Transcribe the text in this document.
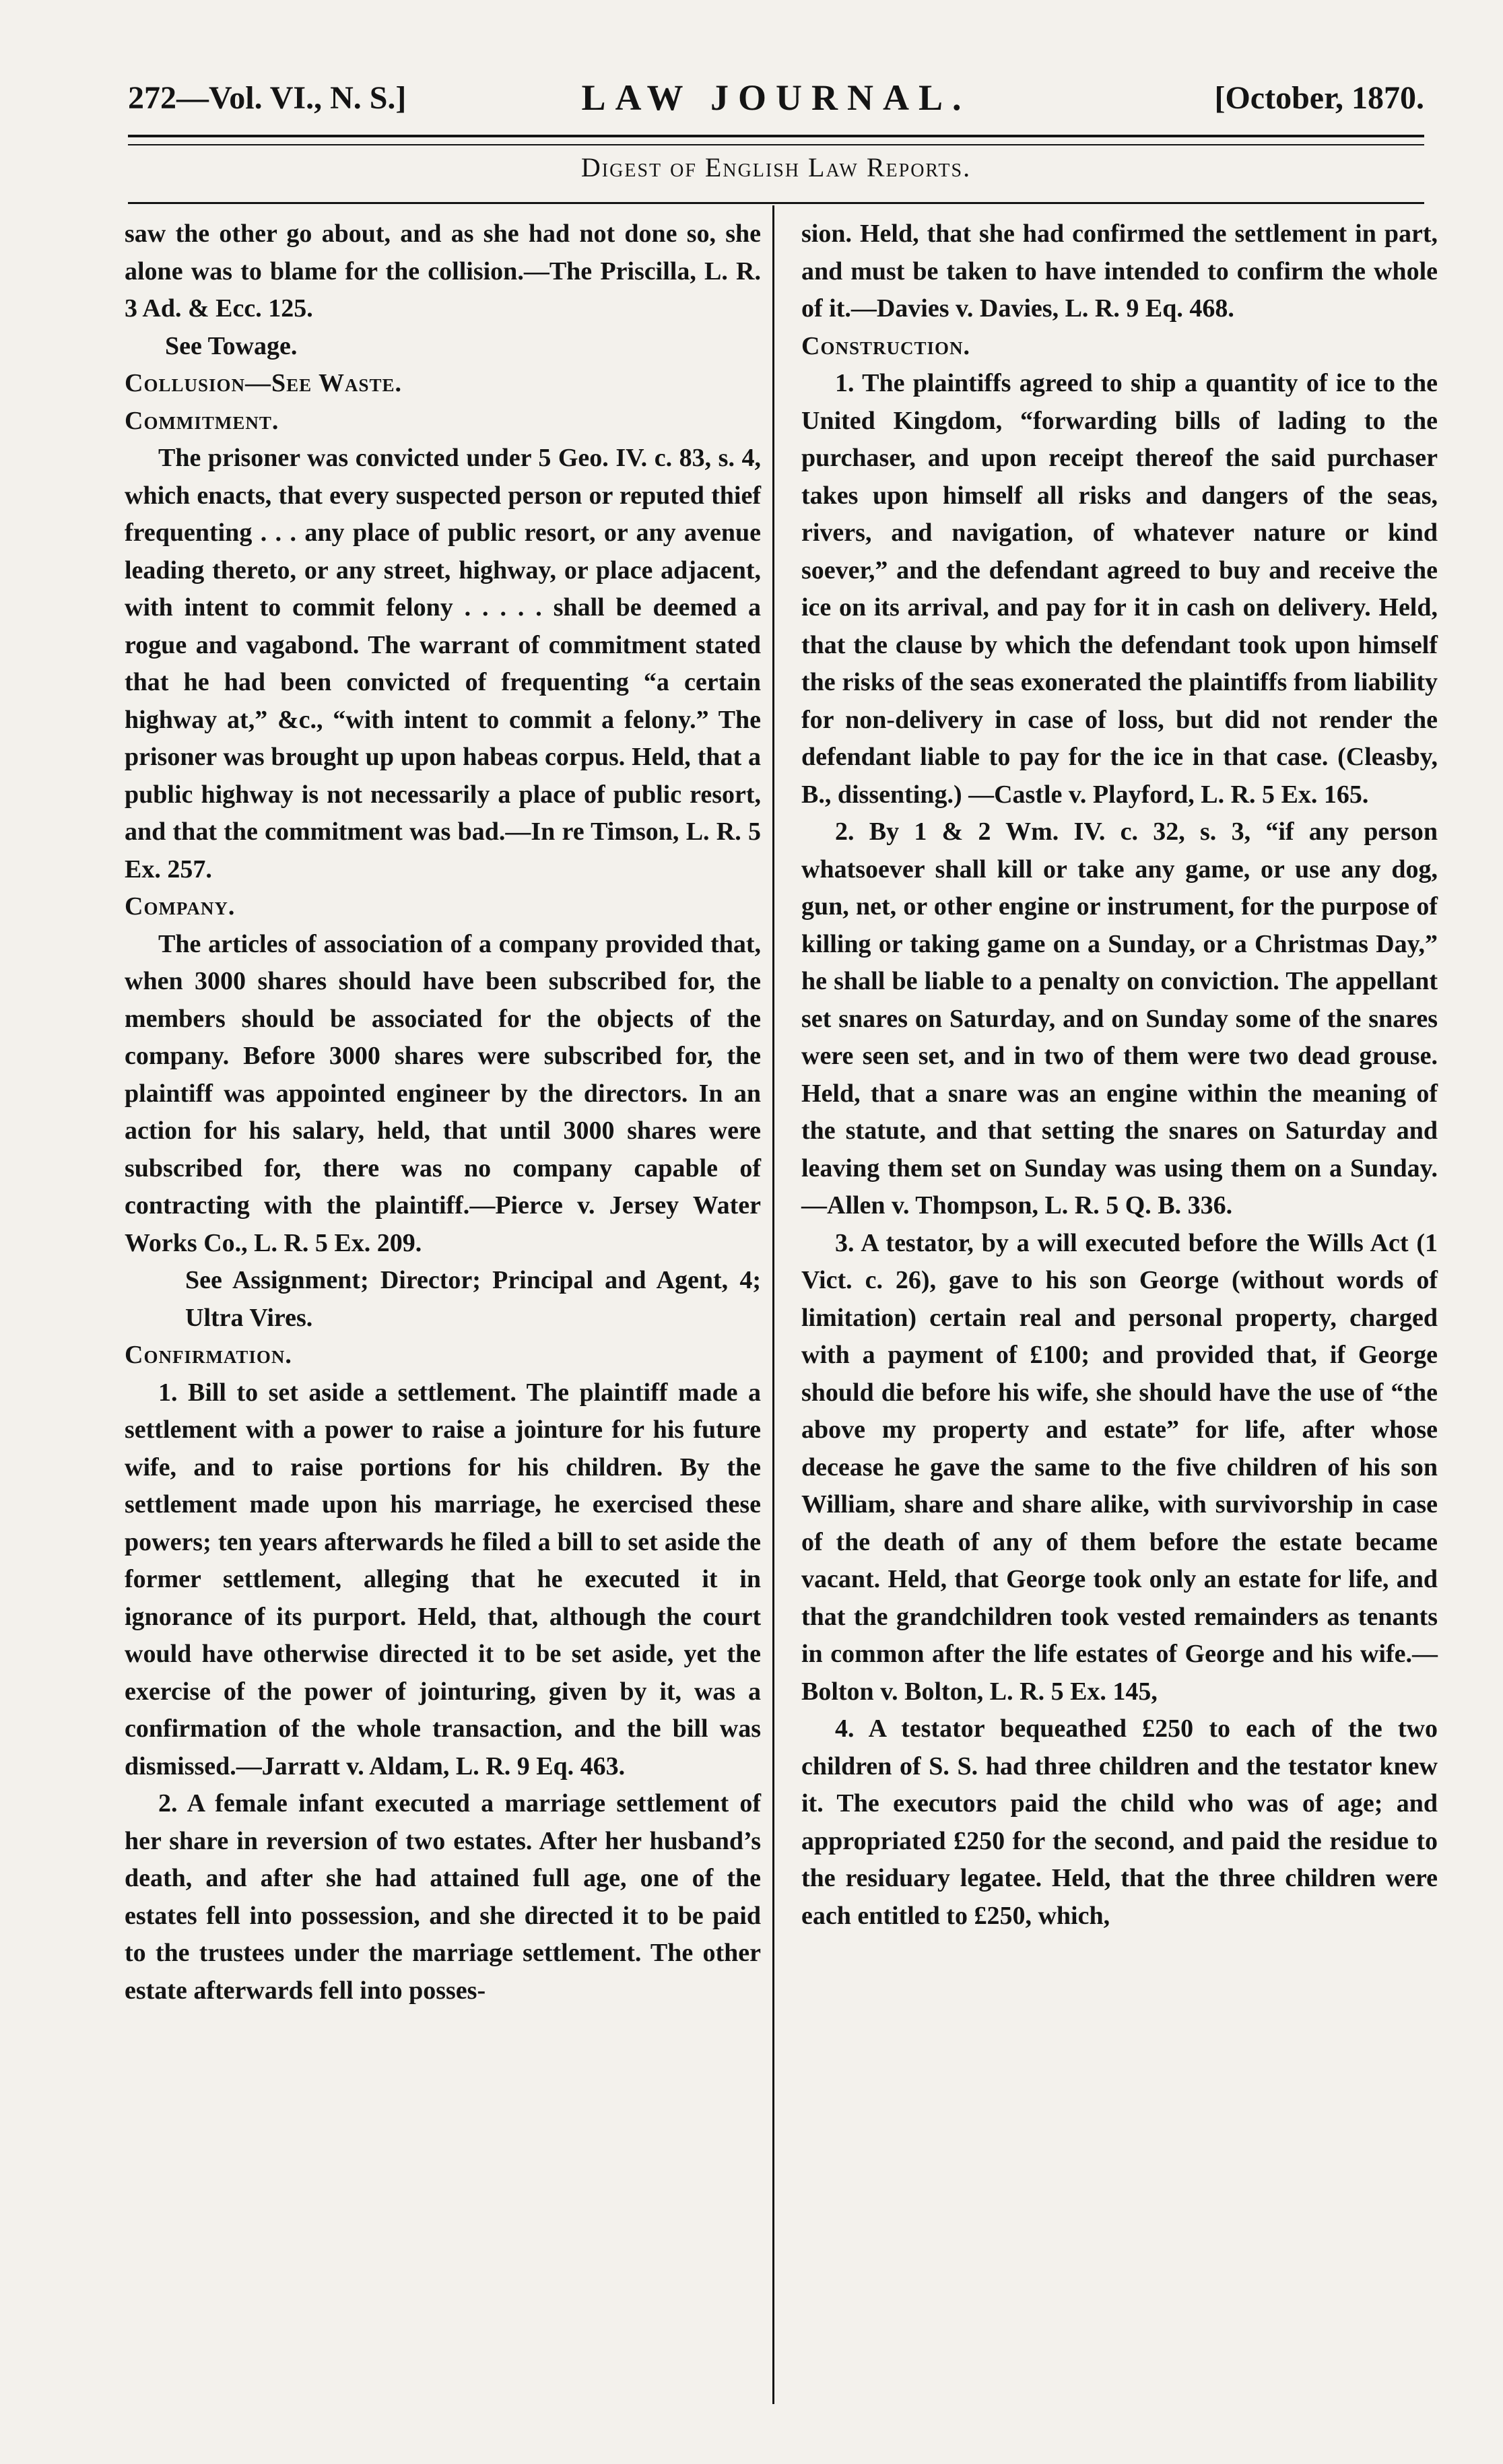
272—Vol. VI., N. S.]	LAW JOURNAL.	[October, 1870.
Digest of English Law Reports.

saw the other go about, and as she had not done so, she alone was to blame for the collision.—The Priscilla, L. R. 3 Ad. & Ecc. 125.

See Towage.

Collusion—See Waste.

Commitment.

The prisoner was convicted under 5 Geo. IV. c. 83, s. 4, which enacts, that every suspected person or reputed thief frequenting . . . any place of public resort, or any avenue leading thereto, or any street, highway, or place adjacent, with intent to commit felony . . . . . shall be deemed a rogue and vagabond. The warrant of commitment stated that he had been convicted of frequenting “a certain highway at,” &c., “with intent to commit a felony.” The prisoner was brought up upon habeas corpus. Held, that a public highway is not necessarily a place of public resort, and that the commitment was bad.—In re Timson, L. R. 5 Ex. 257.

Company.

The articles of association of a company provided that, when 3000 shares should have been subscribed for, the members should be associated for the objects of the company. Before 3000 shares were subscribed for, the plaintiff was appointed engineer by the directors. In an action for his salary, held, that until 3000 shares were subscribed for, there was no company capable of contracting with the plaintiff.—Pierce v. Jersey Water Works Co., L. R. 5 Ex. 209.

See Assignment; Director; Principal and Agent, 4; Ultra Vires.

Confirmation.

1. Bill to set aside a settlement. The plaintiff made a settlement with a power to raise a jointure for his future wife, and to raise portions for his children. By the settlement made upon his marriage, he exercised these powers; ten years afterwards he filed a bill to set aside the former settlement, alleging that he executed it in ignorance of its purport. Held, that, although the court would have otherwise directed it to be set aside, yet the exercise of the power of jointuring, given by it, was a confirmation of the whole transaction, and the bill was dismissed.—Jarratt v. Aldam, L. R. 9 Eq. 463.

2. A female infant executed a marriage settlement of her share in reversion of two estates. After her husband’s death, and after she had attained full age, one of the estates fell into possession, and she directed it to be paid to the trustees under the marriage settlement. The other estate afterwards fell into posses-

sion. Held, that she had confirmed the settlement in part, and must be taken to have intended to confirm the whole of it.—Davies v. Davies, L. R. 9 Eq. 468.

Construction.

1. The plaintiffs agreed to ship a quantity of ice to the United Kingdom, “forwarding bills of lading to the purchaser, and upon receipt thereof the said purchaser takes upon himself all risks and dangers of the seas, rivers, and navigation, of whatever nature or kind soever,” and the defendant agreed to buy and receive the ice on its arrival, and pay for it in cash on delivery. Held, that the clause by which the defendant took upon himself the risks of the seas exonerated the plaintiffs from liability for non-delivery in case of loss, but did not render the defendant liable to pay for the ice in that case. (Cleasby, B., dissenting.) —Castle v. Playford, L. R. 5 Ex. 165.

2. By 1 & 2 Wm. IV. c. 32, s. 3, “if any person whatsoever shall kill or take any game, or use any dog, gun, net, or other engine or instrument, for the purpose of killing or taking game on a Sunday, or a Christmas Day,” he shall be liable to a penalty on conviction. The appellant set snares on Saturday, and on Sunday some of the snares were seen set, and in two of them were two dead grouse. Held, that a snare was an engine within the meaning of the statute, and that setting the snares on Saturday and leaving them set on Sunday was using them on a Sunday.—Allen v. Thompson, L. R. 5 Q. B. 336.

3. A testator, by a will executed before the Wills Act (1 Vict. c. 26), gave to his son George (without words of limitation) certain real and personal property, charged with a payment of £100; and provided that, if George should die before his wife, she should have the use of “the above my property and estate” for life, after whose decease he gave the same to the five children of his son William, share and share alike, with survivorship in case of the death of any of them before the estate became vacant. Held, that George took only an estate for life, and that the grandchildren took vested remainders as tenants in common after the life estates of George and his wife.—Bolton v. Bolton, L. R. 5 Ex. 145,

4. A testator bequeathed £250 to each of the two children of S. S. had three children and the testator knew it. The executors paid the child who was of age; and appropriated £250 for the second, and paid the residue to the residuary legatee. Held, that the three children were each entitled to £250, which,
